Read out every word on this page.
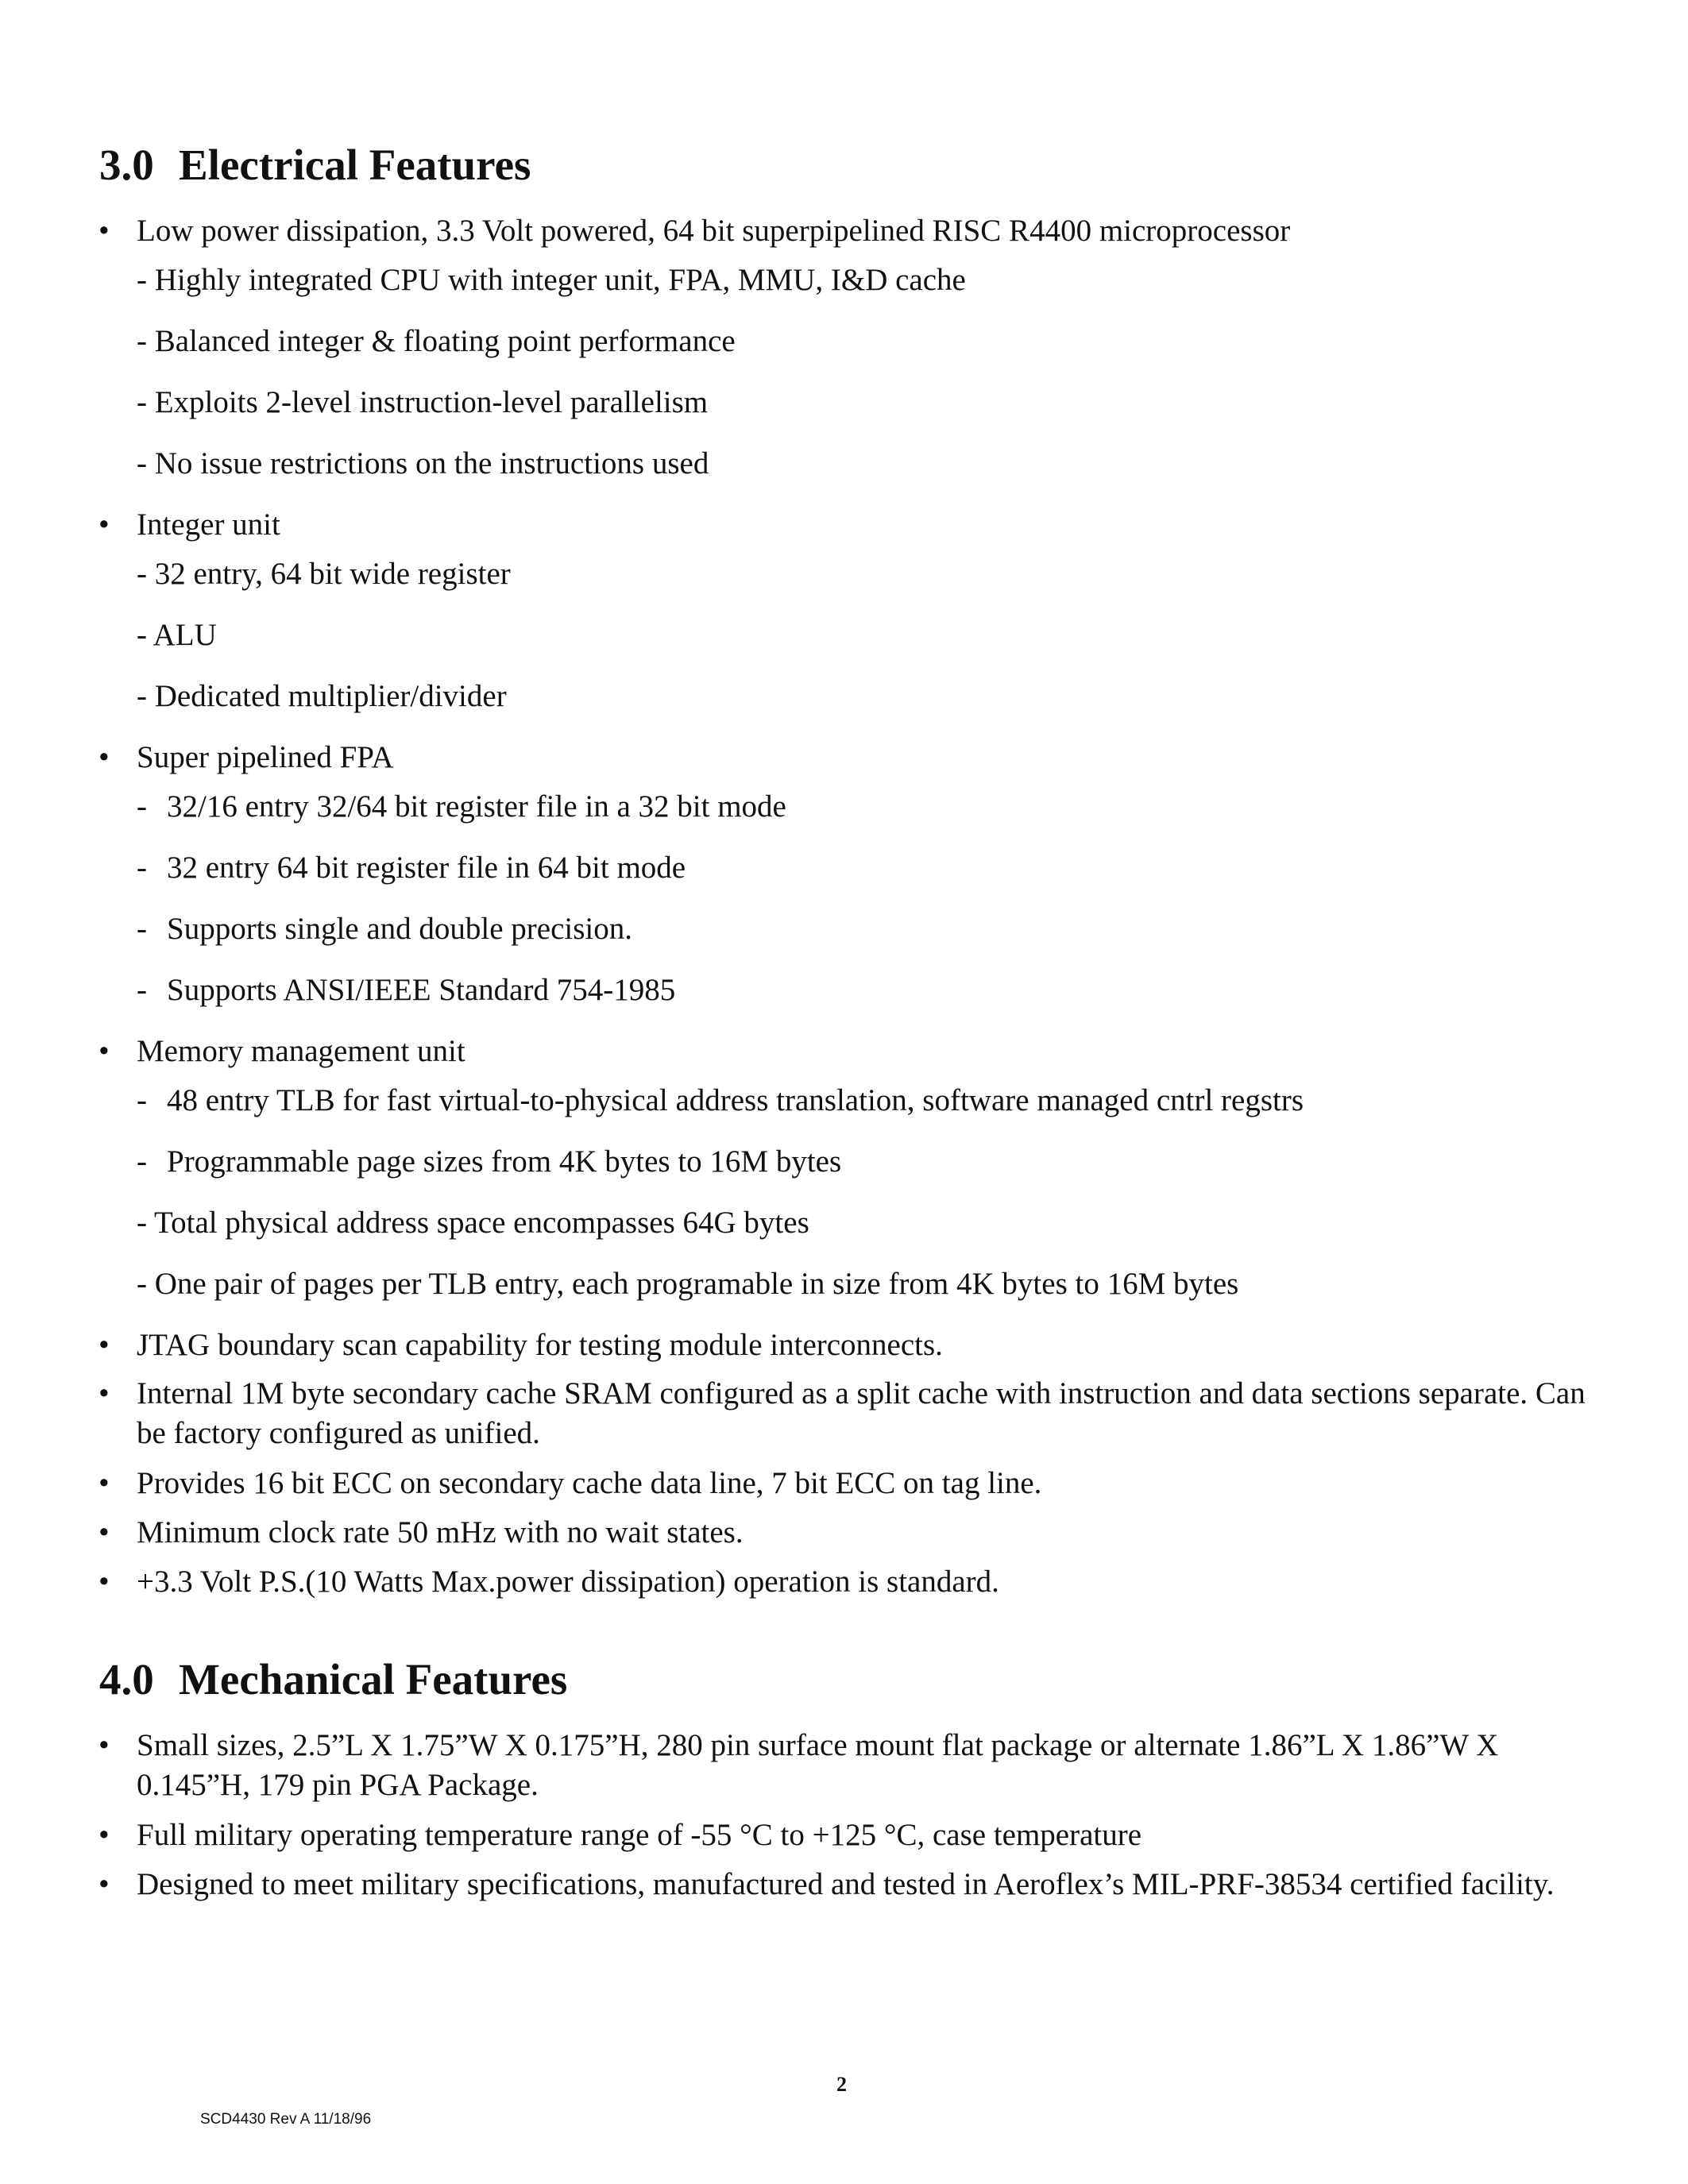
3.0 Electrical Features
• Low power dissipation, 3.3 Volt powered, 64 bit superpipelined RISC R4400 microprocessor
- Highly integrated CPU with integer unit, FPA, MMU, I&D cache
- Balanced integer & floating point performance
- Exploits 2-level instruction-level parallelism
- No issue restrictions on the instructions used
• Integer unit
- 32 entry, 64 bit wide register
- ALU
- Dedicated multiplier/divider
• Super pipelined FPA
- 32/16 entry 32/64 bit register file in a 32 bit mode
- 32 entry 64 bit register file in 64 bit mode
- Supports single and double precision.
- Supports ANSI/IEEE Standard 754-1985
• Memory management unit
- 48 entry TLB for fast virtual-to-physical address translation, software managed cntrl regstrs
- Programmable page sizes from 4K bytes to 16M bytes
- Total physical address space encompasses 64G bytes
- One pair of pages per TLB entry, each programable in size from 4K bytes to 16M bytes
• JTAG boundary scan capability for testing module interconnects.
• Internal 1M byte secondary cache SRAM configured as a split cache with instruction and data sections separate. Can be factory configured as unified.
• Provides 16 bit ECC on secondary cache data line, 7 bit ECC on tag line.
• Minimum clock rate 50 mHz with no wait states.
• +3.3 Volt P.S.(10 Watts Max.power dissipation) operation is standard.
4.0 Mechanical Features
• Small sizes, 2.5”L X 1.75”W X 0.175”H, 280 pin surface mount flat package or alternate 1.86”L X 1.86”W X 0.145”H, 179 pin PGA Package.
• Full military operating temperature range of -55 °C to +125 °C, case temperature
• Designed to meet military specifications, manufactured and tested in Aeroflex’s MIL-PRF-38534 certified facility.
2
SCD4430 Rev A 11/18/96
